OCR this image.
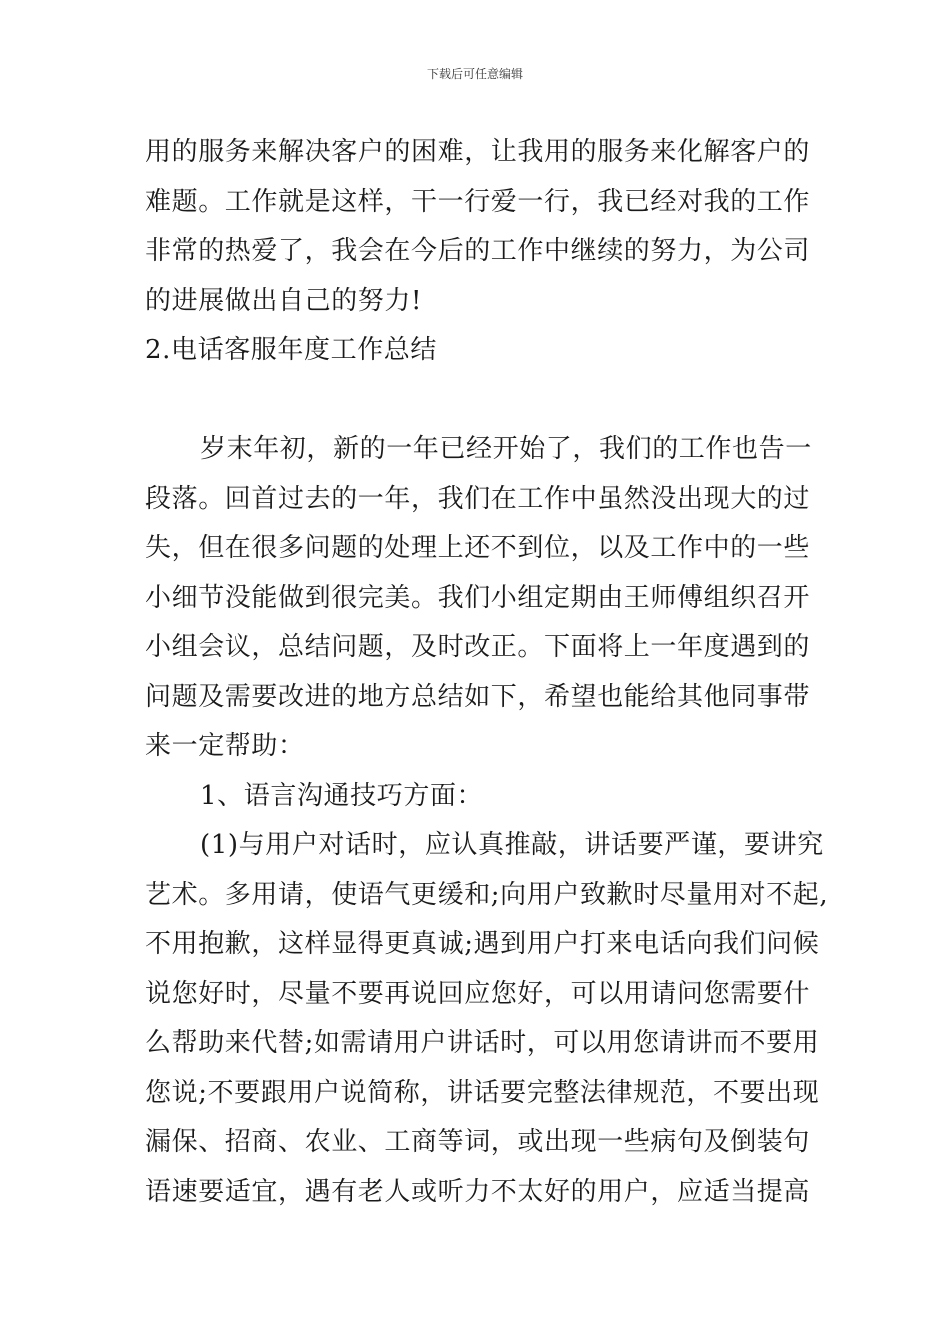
下载后可任意编辑
用的服务来解决客户的困难，让我用的服务来化解客户的
难题。工作就是这样，干一行爱一行，我已经对我的工作
非常的热爱了，我会在今后的工作中继续的努力，为公司
的进展做出自己的努力!
2.电话客服年度工作总结
岁末年初，新的一年已经开始了，我们的工作也告一
段落。回首过去的一年，我们在工作中虽然没出现大的过
失，但在很多问题的处理上还不到位，以及工作中的一些
小细节没能做到很完美。我们小组定期由王师傅组织召开
小组会议，总结问题，及时改正。下面将上一年度遇到的
问题及需要改进的地方总结如下，希望也能给其他同事带
来一定帮助：
1、语言沟通技巧方面：
(1)与用户对话时，应认真推敲，讲话要严谨，要讲究
艺术。多用请，使语气更缓和;向用户致歉时尽量用对不起,
不用抱歉，这样显得更真诚;遇到用户打来电话向我们问候
说您好时，尽量不要再说回应您好，可以用请问您需要什
么帮助来代替;如需请用户讲话时，可以用您请讲而不要用
您说;不要跟用户说简称，讲话要完整法律规范，不要出现
漏保、招商、农业、工商等词，或出现一些病句及倒装句
语速要适宜，遇有老人或听力不太好的用户，应适当提高
